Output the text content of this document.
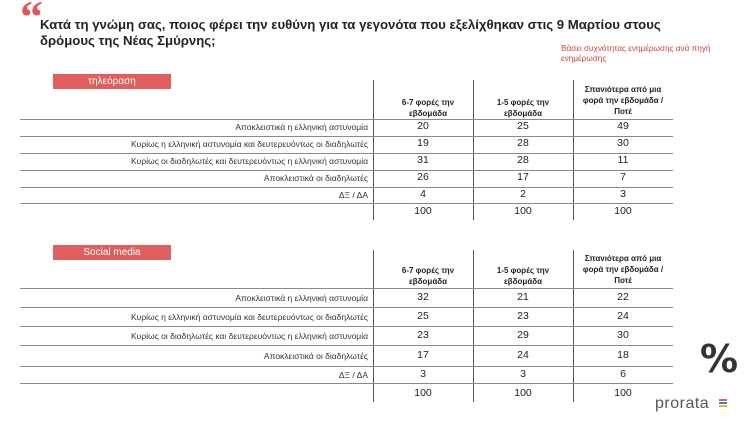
“
Κατά τη γνώμη σας, ποιος φέρει την ευθύνη για τα γεγονότα που εξελίχθηκαν στις 9 Μαρτίου στους δρόμους της Νέας Σμύρνης;
Βάσει συχνότητας ενημέρωσης ανά πηγή ενημέρωσης
τηλεόραση
6-7 φορές την εβδομάδα
1-5 φορές την εβδομάδα
Σπανιότερα από μια φορά την εβδομάδα / Ποτέ
Αποκλειστικά η ελληνική αστυνομία	20	25	49
Κυρίως η ελληνική αστυνομία και δευτερευόντως οι διαδηλωτές	19	28	30
Κυρίως οι διαδηλωτές και δευτερευόντως η ελληνική αστυνομία	31	28	11
Αποκλειστικά οι διαδηλωτές	26	17	7
ΔΞ / ΔΑ	4	2	3
100	100	100
Social media
6-7 φορές την εβδομάδα
1-5 φορές την εβδομάδα
Σπανιότερα από μια φορά την εβδομάδα / Ποτέ
Αποκλειστικά η ελληνική αστυνομία	32	21	22
Κυρίως η ελληνική αστυνομία και δευτερευόντως οι διαδηλωτές	25	23	24
Κυρίως οι διαδηλωτές και δευτερευόντως η ελληνική αστυνομία	23	29	30
Αποκλειστικά οι διαδηλωτές	17	24	18
ΔΞ / ΔΑ	3	3	6
100	100	100
%
prorata
